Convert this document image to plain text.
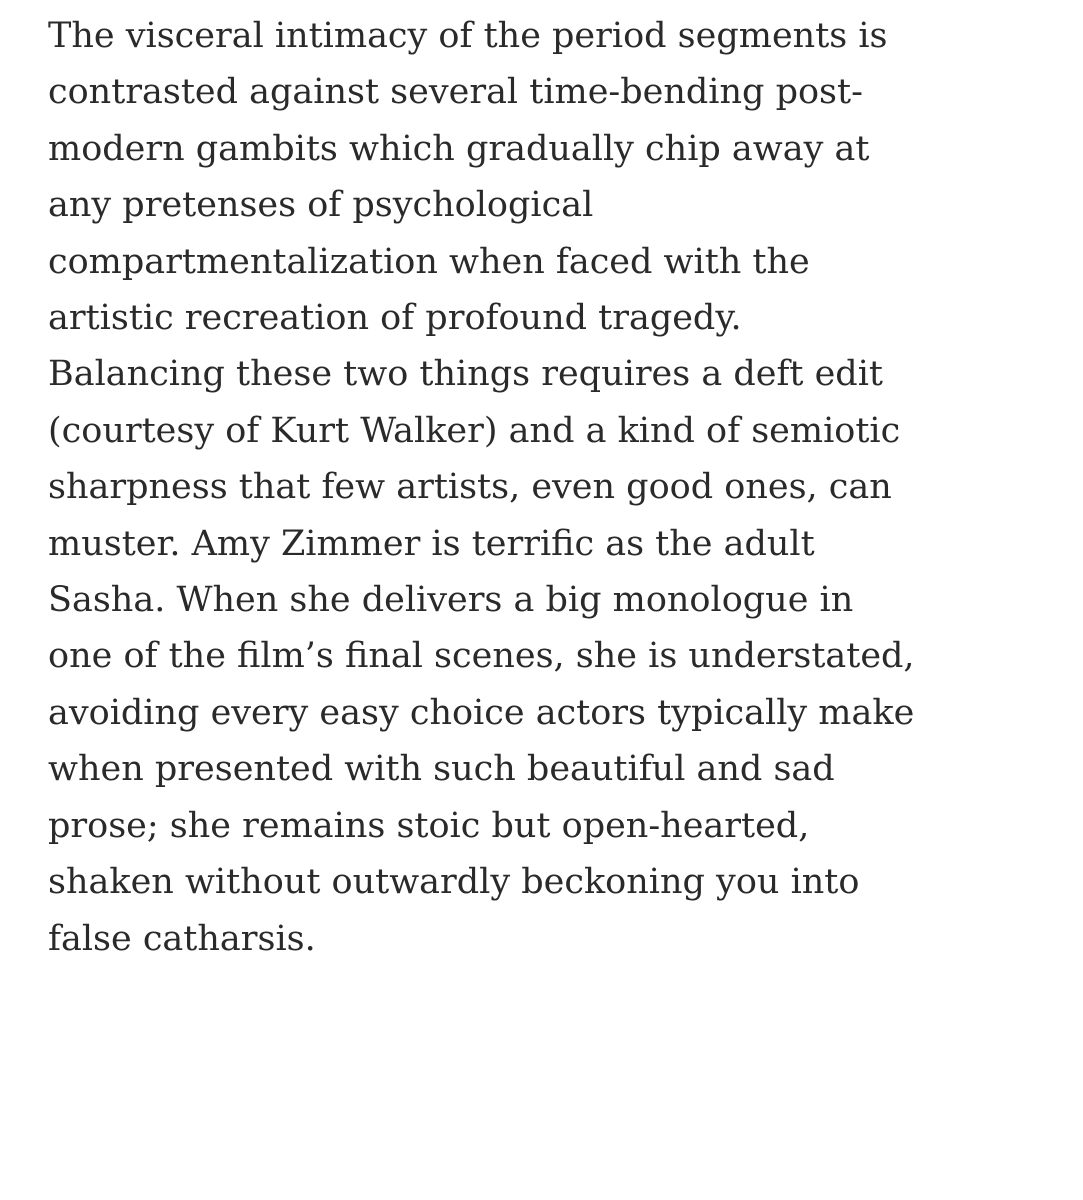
The visceral intimacy of the period segments is
contrasted against several time-bending post-
modern gambits which gradually chip away at
any pretenses of psychological
compartmentalization when faced with the
artistic recreation of profound tragedy.
Balancing these two things requires a deft edit
(courtesy of Kurt Walker) and a kind of semiotic
sharpness that few artists, even good ones, can
muster. Amy Zimmer is terrific as the adult
Sasha. When she delivers a big monologue in
one of the film’s final scenes, she is understated,
avoiding every easy choice actors typically make
when presented with such beautiful and sad
prose; she remains stoic but open-hearted,
shaken without outwardly beckoning you into
false catharsis.
